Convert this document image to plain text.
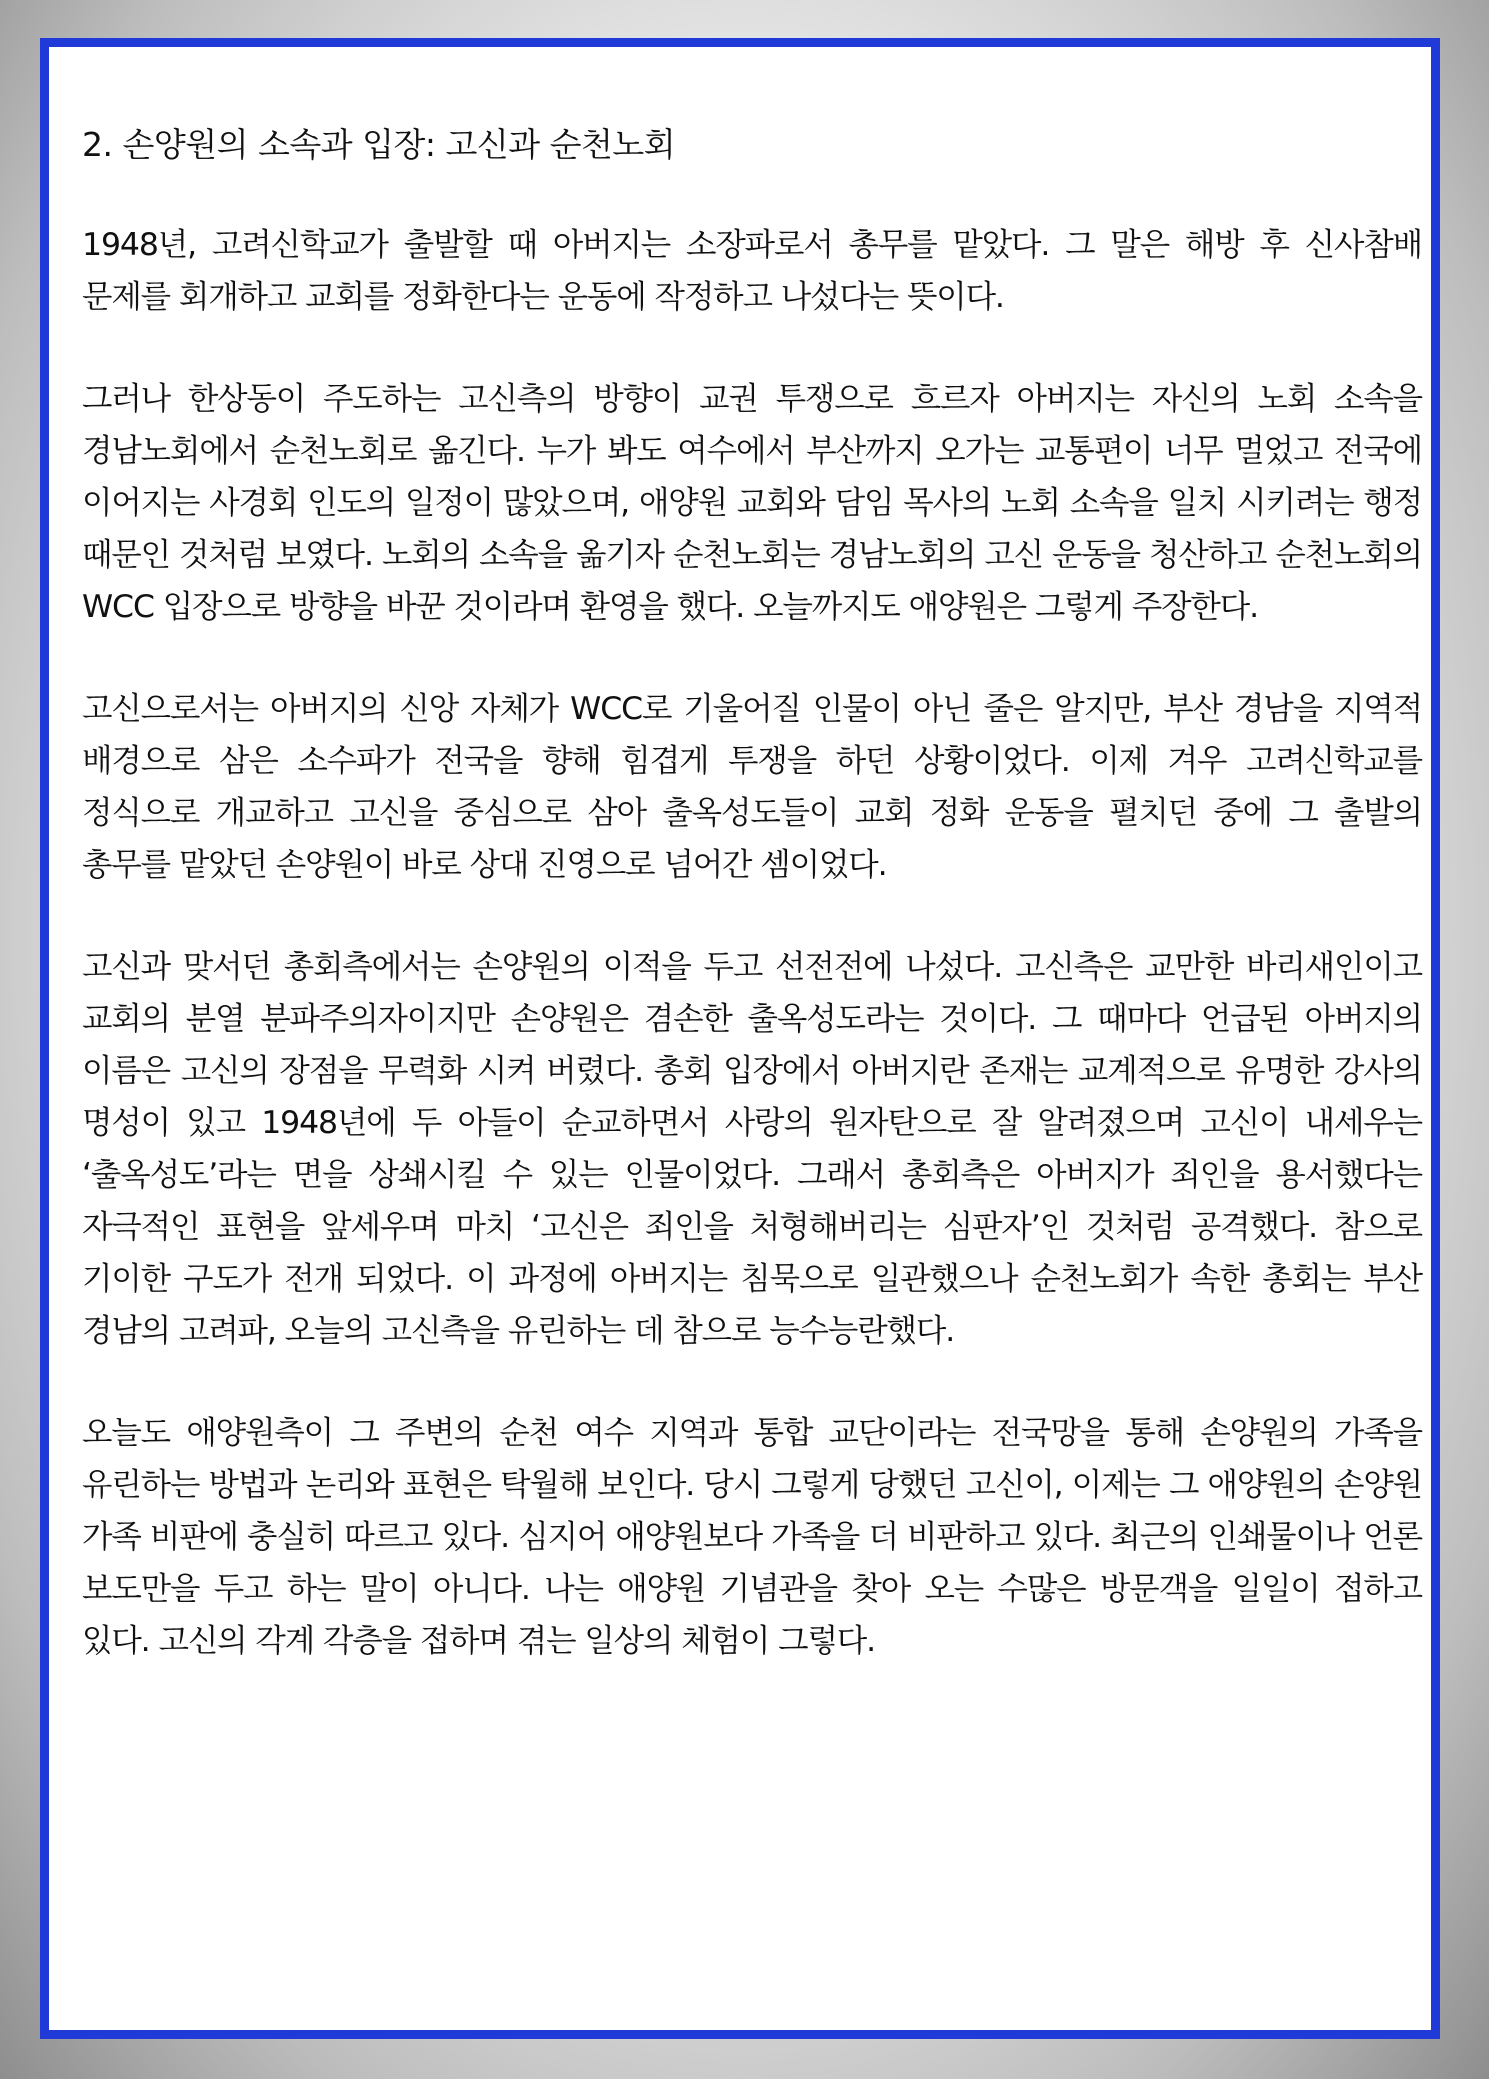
2. 손양원의 소속과 입장: 고신과 순천노회

1948년, 고려신학교가 출발할 때 아버지는 소장파로서 총무를 맡았다. 그 말은 해방 후 신사참배 문제를 회개하고 교회를 정화한다는 운동에 작정하고 나섰다는 뜻이다.

그러나 한상동이 주도하는 고신측의 방향이 교권 투쟁으로 흐르자 아버지는 자신의 노회 소속을 경남노회에서 순천노회로 옮긴다. 누가 봐도 여수에서 부산까지 오가는 교통편이 너무 멀었고 전국에 이어지는 사경회 인도의 일정이 많았으며, 애양원 교회와 담임 목사의 노회 소속을 일치 시키려는 행정 때문인 것처럼 보였다. 노회의 소속을 옮기자 순천노회는 경남노회의 고신 운동을 청산하고 순천노회의 WCC 입장으로 방향을 바꾼 것이라며 환영을 했다. 오늘까지도 애양원은 그렇게 주장한다.

고신으로서는 아버지의 신앙 자체가 WCC로 기울어질 인물이 아닌 줄은 알지만, 부산 경남을 지역적 배경으로 삼은 소수파가 전국을 향해 힘겹게 투쟁을 하던 상황이었다. 이제 겨우 고려신학교를 정식으로 개교하고 고신을 중심으로 삼아 출옥성도들이 교회 정화 운동을 펼치던 중에 그 출발의 총무를 맡았던 손양원이 바로 상대 진영으로 넘어간 셈이었다.

고신과 맞서던 총회측에서는 손양원의 이적을 두고 선전전에 나섰다. 고신측은 교만한 바리새인이고 교회의 분열 분파주의자이지만 손양원은 겸손한 출옥성도라는 것이다. 그 때마다 언급된 아버지의 이름은 고신의 장점을 무력화 시켜 버렸다. 총회 입장에서 아버지란 존재는 교계적으로 유명한 강사의 명성이 있고 1948년에 두 아들이 순교하면서 사랑의 원자탄으로 잘 알려졌으며 고신이 내세우는 ‘출옥성도’라는 면을 상쇄시킬 수 있는 인물이었다. 그래서 총회측은 아버지가 죄인을 용서했다는 자극적인 표현을 앞세우며 마치 ‘고신은 죄인을 처형해버리는 심판자’인 것처럼 공격했다. 참으로 기이한 구도가 전개 되었다. 이 과정에 아버지는 침묵으로 일관했으나 순천노회가 속한 총회는 부산 경남의 고려파, 오늘의 고신측을 유린하는 데 참으로 능수능란했다.

오늘도 애양원측이 그 주변의 순천 여수 지역과 통합 교단이라는 전국망을 통해 손양원의 가족을 유린하는 방법과 논리와 표현은 탁월해 보인다. 당시 그렇게 당했던 고신이, 이제는 그 애양원의 손양원 가족 비판에 충실히 따르고 있다. 심지어 애양원보다 가족을 더 비판하고 있다. 최근의 인쇄물이나 언론 보도만을 두고 하는 말이 아니다. 나는 애양원 기념관을 찾아 오는 수많은 방문객을 일일이 접하고 있다. 고신의 각계 각층을 접하며 겪는 일상의 체험이 그렇다.
